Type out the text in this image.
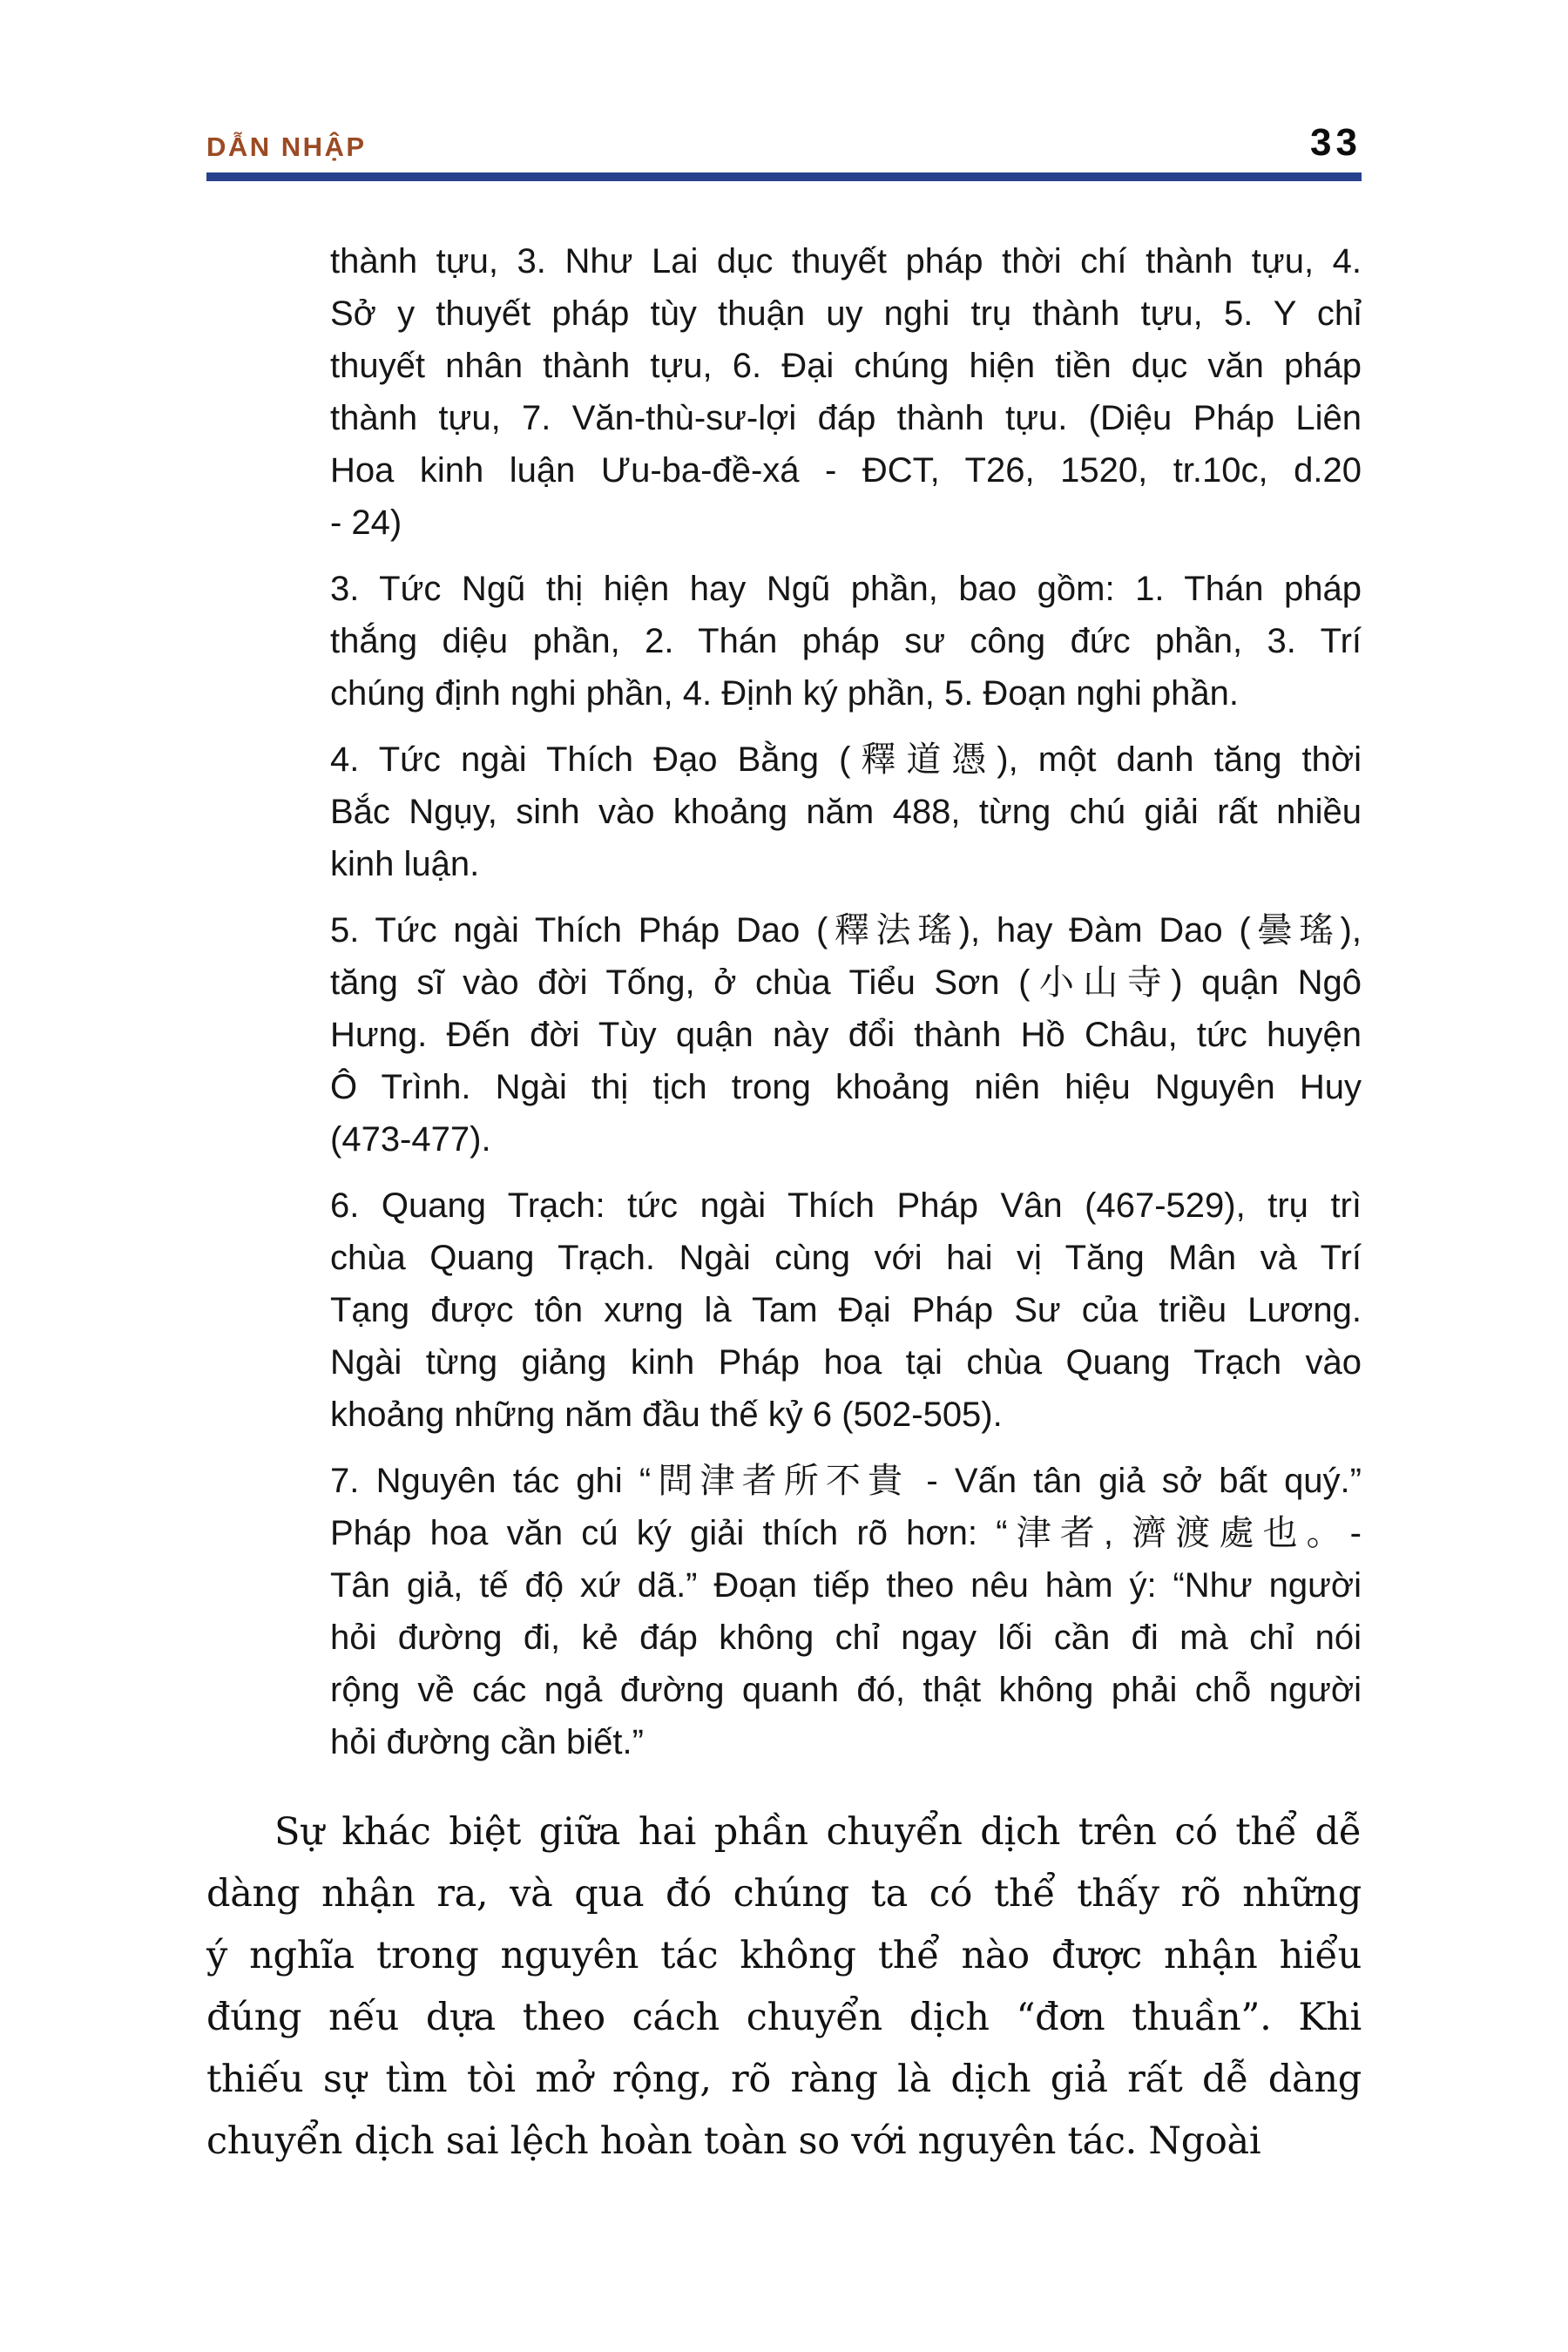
DẪN NHẬP	33

thành tựu, 3. Như Lai dục thuyết pháp thời chí thành tựu, 4.
Sở y thuyết pháp tùy thuận uy nghi trụ thành tựu, 5. Y chỉ
thuyết nhân thành tựu, 6. Đại chúng hiện tiền dục văn pháp
thành tựu, 7. Văn-thù-sư-lợi đáp thành tựu. (Diệu Pháp Liên
Hoa kinh luận Ưu-ba-đề-xá - ĐCT, T26, 1520, tr.10c, d.20
- 24)

3. Tức Ngũ thị hiện hay Ngũ phần, bao gồm: 1. Thán pháp
thắng diệu phần, 2. Thán pháp sư công đức phần, 3. Trí
chúng định nghi phần, 4. Định ký phần, 5. Đoạn nghi phần.

4. Tức ngài Thích Đạo Bằng (釋道憑), một danh tăng thời
Bắc Ngụy, sinh vào khoảng năm 488, từng chú giải rất nhiều
kinh luận.

5. Tức ngài Thích Pháp Dao (釋法瑤), hay Đàm Dao (曇瑤),
tăng sĩ vào đời Tống, ở chùa Tiểu Sơn (小山寺) quận Ngô
Hưng. Đến đời Tùy quận này đổi thành Hồ Châu, tức huyện
Ô Trình. Ngài thị tịch trong khoảng niên hiệu Nguyên Huy
(473-477).

6. Quang Trạch: tức ngài Thích Pháp Vân (467-529), trụ trì
chùa Quang Trạch. Ngài cùng với hai vị Tăng Mân và Trí
Tạng được tôn xưng là Tam Đại Pháp Sư của triều Lương.
Ngài từng giảng kinh Pháp hoa tại chùa Quang Trạch vào
khoảng những năm đầu thế kỷ 6 (502-505).

7. Nguyên tác ghi “問津者所不貴 - Vấn tân giả sở bất quý.”
Pháp hoa văn cú ký giải thích rõ hơn: “津者, 濟渡處也。-
Tân giả, tế độ xứ dã.” Đoạn tiếp theo nêu hàm ý: “Như người
hỏi đường đi, kẻ đáp không chỉ ngay lối cần đi mà chỉ nói
rộng về các ngả đường quanh đó, thật không phải chỗ người
hỏi đường cần biết.”

Sự khác biệt giữa hai phần chuyển dịch trên có thể dễ
dàng nhận ra, và qua đó chúng ta có thể thấy rõ những
ý nghĩa trong nguyên tác không thể nào được nhận hiểu
đúng nếu dựa theo cách chuyển dịch “đơn thuần”. Khi
thiếu sự tìm tòi mở rộng, rõ ràng là dịch giả rất dễ dàng
chuyển dịch sai lệch hoàn toàn so với nguyên tác. Ngoài
